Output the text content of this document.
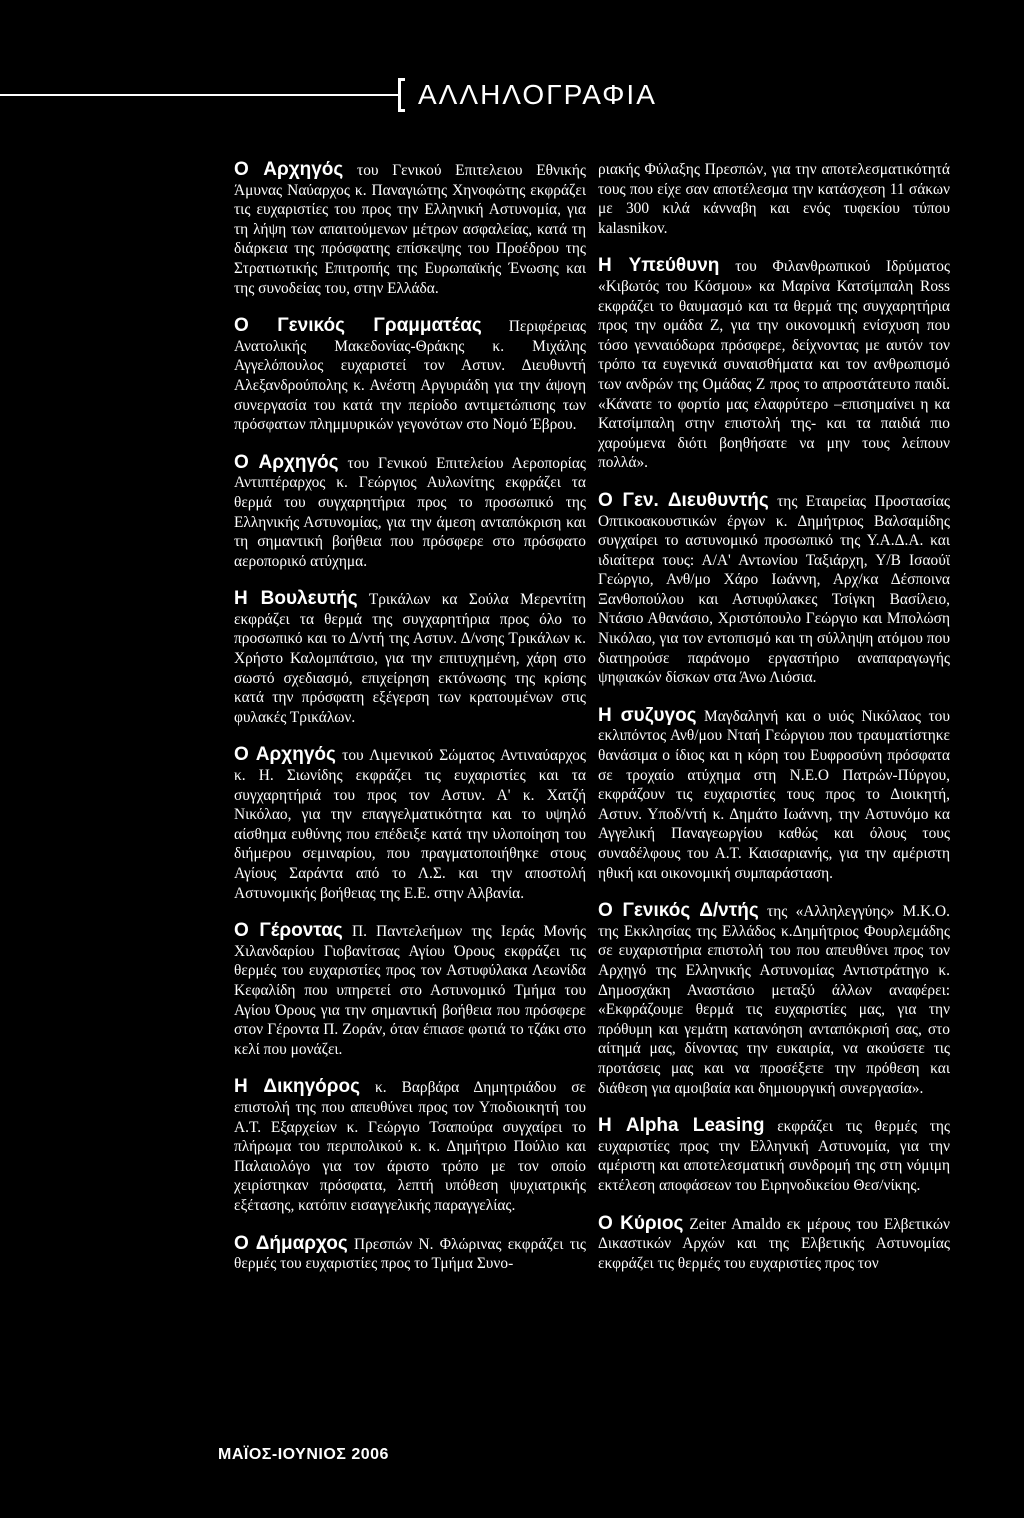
ΑΛΛΗΛΟΓΡΑΦΙΑ

Ο Αρχηγός του Γενικού Επιτελειου Εθνικής Άμυνας Ναύαρχος κ. Παναγιώτης Χηνοφώτης εκφράζει τις ευχαριστίες του προς την Ελληνική Αστυνομία, για τη λήψη των απαιτούμενων μέτρων ασφαλείας, κατά τη διάρκεια της πρόσφατης επίσκεψης του Προέδρου της Στρατιωτικής Επιτροπής της Ευρωπαϊκής Ένωσης και της συνοδείας του, στην Ελλάδα.

Ο Γενικός Γραμματέας Περιφέρειας Ανατολικής Μακεδονίας-Θράκης κ. Μιχάλης Αγγελόπουλος ευχαριστεί τον Αστυν. Διευθυντή Αλεξανδρούπολης κ. Ανέστη Αργυριάδη για την άψογη συνεργασία του κατά την περίοδο αντιμετώπισης των πρόσφατων πλημμυρικών γεγονότων στο Νομό Έβρου.

Ο Αρχηγός του Γενικού Επιτελείου Αεροπορίας Αντιπτέραρχος κ. Γεώργιος Αυλωνίτης εκφράζει τα θερμά του συγχαρητήρια προς το προσωπικό της Ελληνικής Αστυνομίας, για την άμεση ανταπόκριση και τη σημαντική βοήθεια που πρόσφερε στο πρόσφατο αεροπορικό ατύχημα.

Η Βουλευτής Τρικάλων κα Σούλα Μερεντίτη εκφράζει τα θερμά της συγχαρητήρια προς όλο το προσωπικό και το Δ/ντή της Αστυν. Δ/νσης Τρικάλων κ. Χρήστο Καλομπάτσιο, για την επιτυχημένη, χάρη στο σωστό σχεδιασμό, επιχείρηση εκτόνωσης της κρίσης κατά την πρόσφατη εξέγερση των κρατουμένων στις φυλακές Τρικάλων.

Ο Αρχηγός του Λιμενικού Σώματος Αντιναύαρχος κ. Η. Σιωνίδης εκφράζει τις ευχαριστίες και τα συγχαρητήριά του προς τον Αστυν. Α' κ. Χατζή Νικόλαο, για την επαγγελματικότητα και το υψηλό αίσθημα ευθύνης που επέδειξε κατά την υλοποίηση του διήμερου σεμιναρίου, που πραγματοποιήθηκε στους Αγίους Σαράντα από το Λ.Σ. και την αποστολή Αστυνομικής βοήθειας της Ε.Ε. στην Αλβανία.

Ο Γέροντας Π. Παντελεήμων της Ιεράς Μονής Χιλανδαρίου Γιοβανίτσας Αγίου Όρους εκφράζει τις θερμές του ευχαριστίες προς τον Αστυφύλακα Λεωνίδα Κεφαλίδη που υπηρετεί στο Αστυνομικό Τμήμα του Αγίου Όρους για την σημαντική βοήθεια που πρόσφερε στον Γέροντα Π. Ζοράν, όταν έπιασε φωτιά το τζάκι στο κελί που μονάζει.

Η Δικηγόρος κ. Βαρβάρα Δημητριάδου σε επιστολή της που απευθύνει προς τον Υποδιοικητή του Α.Τ. Εξαρχείων κ. Γεώργιο Τσαπούρα συγχαίρει το πλήρωμα του περιπολικού κ. κ. Δημήτριο Πούλιο και Παλαιολόγο για τον άριστο τρόπο με τον οποίο χειρίστηκαν πρόσφατα, λεπτή υπόθεση ψυχιατρικής εξέτασης, κατόπιν εισαγγελικής παραγγελίας.

Ο Δήμαρχος Πρεσπών Ν. Φλώρινας εκφράζει τις θερμές του ευχαριστίες προς το Τμήμα Συνο-

ριακής Φύλαξης Πρεσπών, για την αποτελεσματικότητά τους που είχε σαν αποτέλεσμα την κατάσχεση 11 σάκων με 300 κιλά κάνναβη και ενός τυφεκίου τύπου kalasnikov.

Η Υπεύθυνη του Φιλανθρωπικού Ιδρύματος «Κιβωτός του Κόσμου» κα Μαρίνα Κατσίμπαλη Ross εκφράζει το θαυμασμό και τα θερμά της συγχαρητήρια προς την ομάδα Ζ, για την οικονομική ενίσχυση που τόσο γενναιόδωρα πρόσφερε, δείχνοντας με αυτόν τον τρόπο τα ευγενικά συναισθήματα και τον ανθρωπισμό των ανδρών της Ομάδας Ζ προς το απροστάτευτο παιδί. «Κάνατε το φορτίο μας ελαφρύτερο –επισημαίνει η κα Κατσίμπαλη στην επιστολή της- και τα παιδιά πιο χαρούμενα διότι βοηθήσατε να μην τους λείπουν πολλά».

Ο Γεν. Διευθυντής της Εταιρείας Προστασίας Οπτικοακουστικών έργων κ. Δημήτριος Βαλσαμίδης συγχαίρει το αστυνομικό προσωπικό της Υ.Α.Δ.Α. και ιδιαίτερα τους: Α/Α' Αντωνίου Ταξιάρχη, Υ/Β Ισαούϊ Γεώργιο, Ανθ/μο Χάρο Ιωάννη, Αρχ/κα Δέσποινα Ξανθοπούλου και Αστυφύλακες Τσίγκη Βασίλειο, Ντάσιο Αθανάσιο, Χριστόπουλο Γεώργιο και Μπολώση Νικόλαο, για τον εντοπισμό και τη σύλληψη ατόμου που διατηρούσε παράνομο εργαστήριο αναπαραγωγής ψηφιακών δίσκων στα Άνω Λιόσια.

Η συζυγος Μαγδαληνή και ο υιός Νικόλαος του εκλιπόντος Ανθ/μου Νταή Γεώργιου που τραυματίστηκε θανάσιμα ο ίδιος και η κόρη του Ευφροσύνη πρόσφατα σε τροχαίο ατύχημα στη Ν.Ε.Ο Πατρών-Πύργου, εκφράζουν τις ευχαριστίες τους προς το Διοικητή, Αστυν. Υποδ/ντή κ. Δημάτο Ιωάννη, την Αστυνόμο κα Αγγελική Παναγεωργίου καθώς και όλους τους συναδέλφους του Α.Τ. Καισαριανής, για την αμέριστη ηθική και οικονομική συμπαράσταση.

Ο Γενικός Δ/ντής της «Αλληλεγγύης» Μ.Κ.Ο. της Εκκλησίας της Ελλάδος κ.Δημήτριος Φουρλεμάδης σε ευχαριστήρια επιστολή του που απευθύνει προς τον Αρχηγό της Ελληνικής Αστυνομίας Αντιστράτηγο κ. Δημοσχάκη Αναστάσιο μεταξύ άλλων αναφέρει: «Εκφράζουμε θερμά τις ευχαριστίες μας, για την πρόθυμη και γεμάτη κατανόηση ανταπόκρισή σας, στο αίτημά μας, δίνοντας την ευκαιρία, να ακούσετε τις προτάσεις μας και να προσέξετε την πρόθεση και διάθεση για αμοιβαία και δημιουργική συνεργασία».

Η Alpha Leasing εκφράζει τις θερμές της ευχαριστίες προς την Ελληνική Αστυνομία, για την αμέριστη και αποτελεσματική συνδρομή της στη νόμιμη εκτέλεση αποφάσεων του Ειρηνοδικείου Θεσ/νίκης.

Ο Κύριος Zeiter Amaldo εκ μέρους του Ελβετικών Δικαστικών Αρχών και της Ελβετικής Αστυνομίας εκφράζει τις θερμές του ευχαριστίες προς τον

ΜΑΪΟΣ-ΙΟΥΝΙΟΣ 2006
